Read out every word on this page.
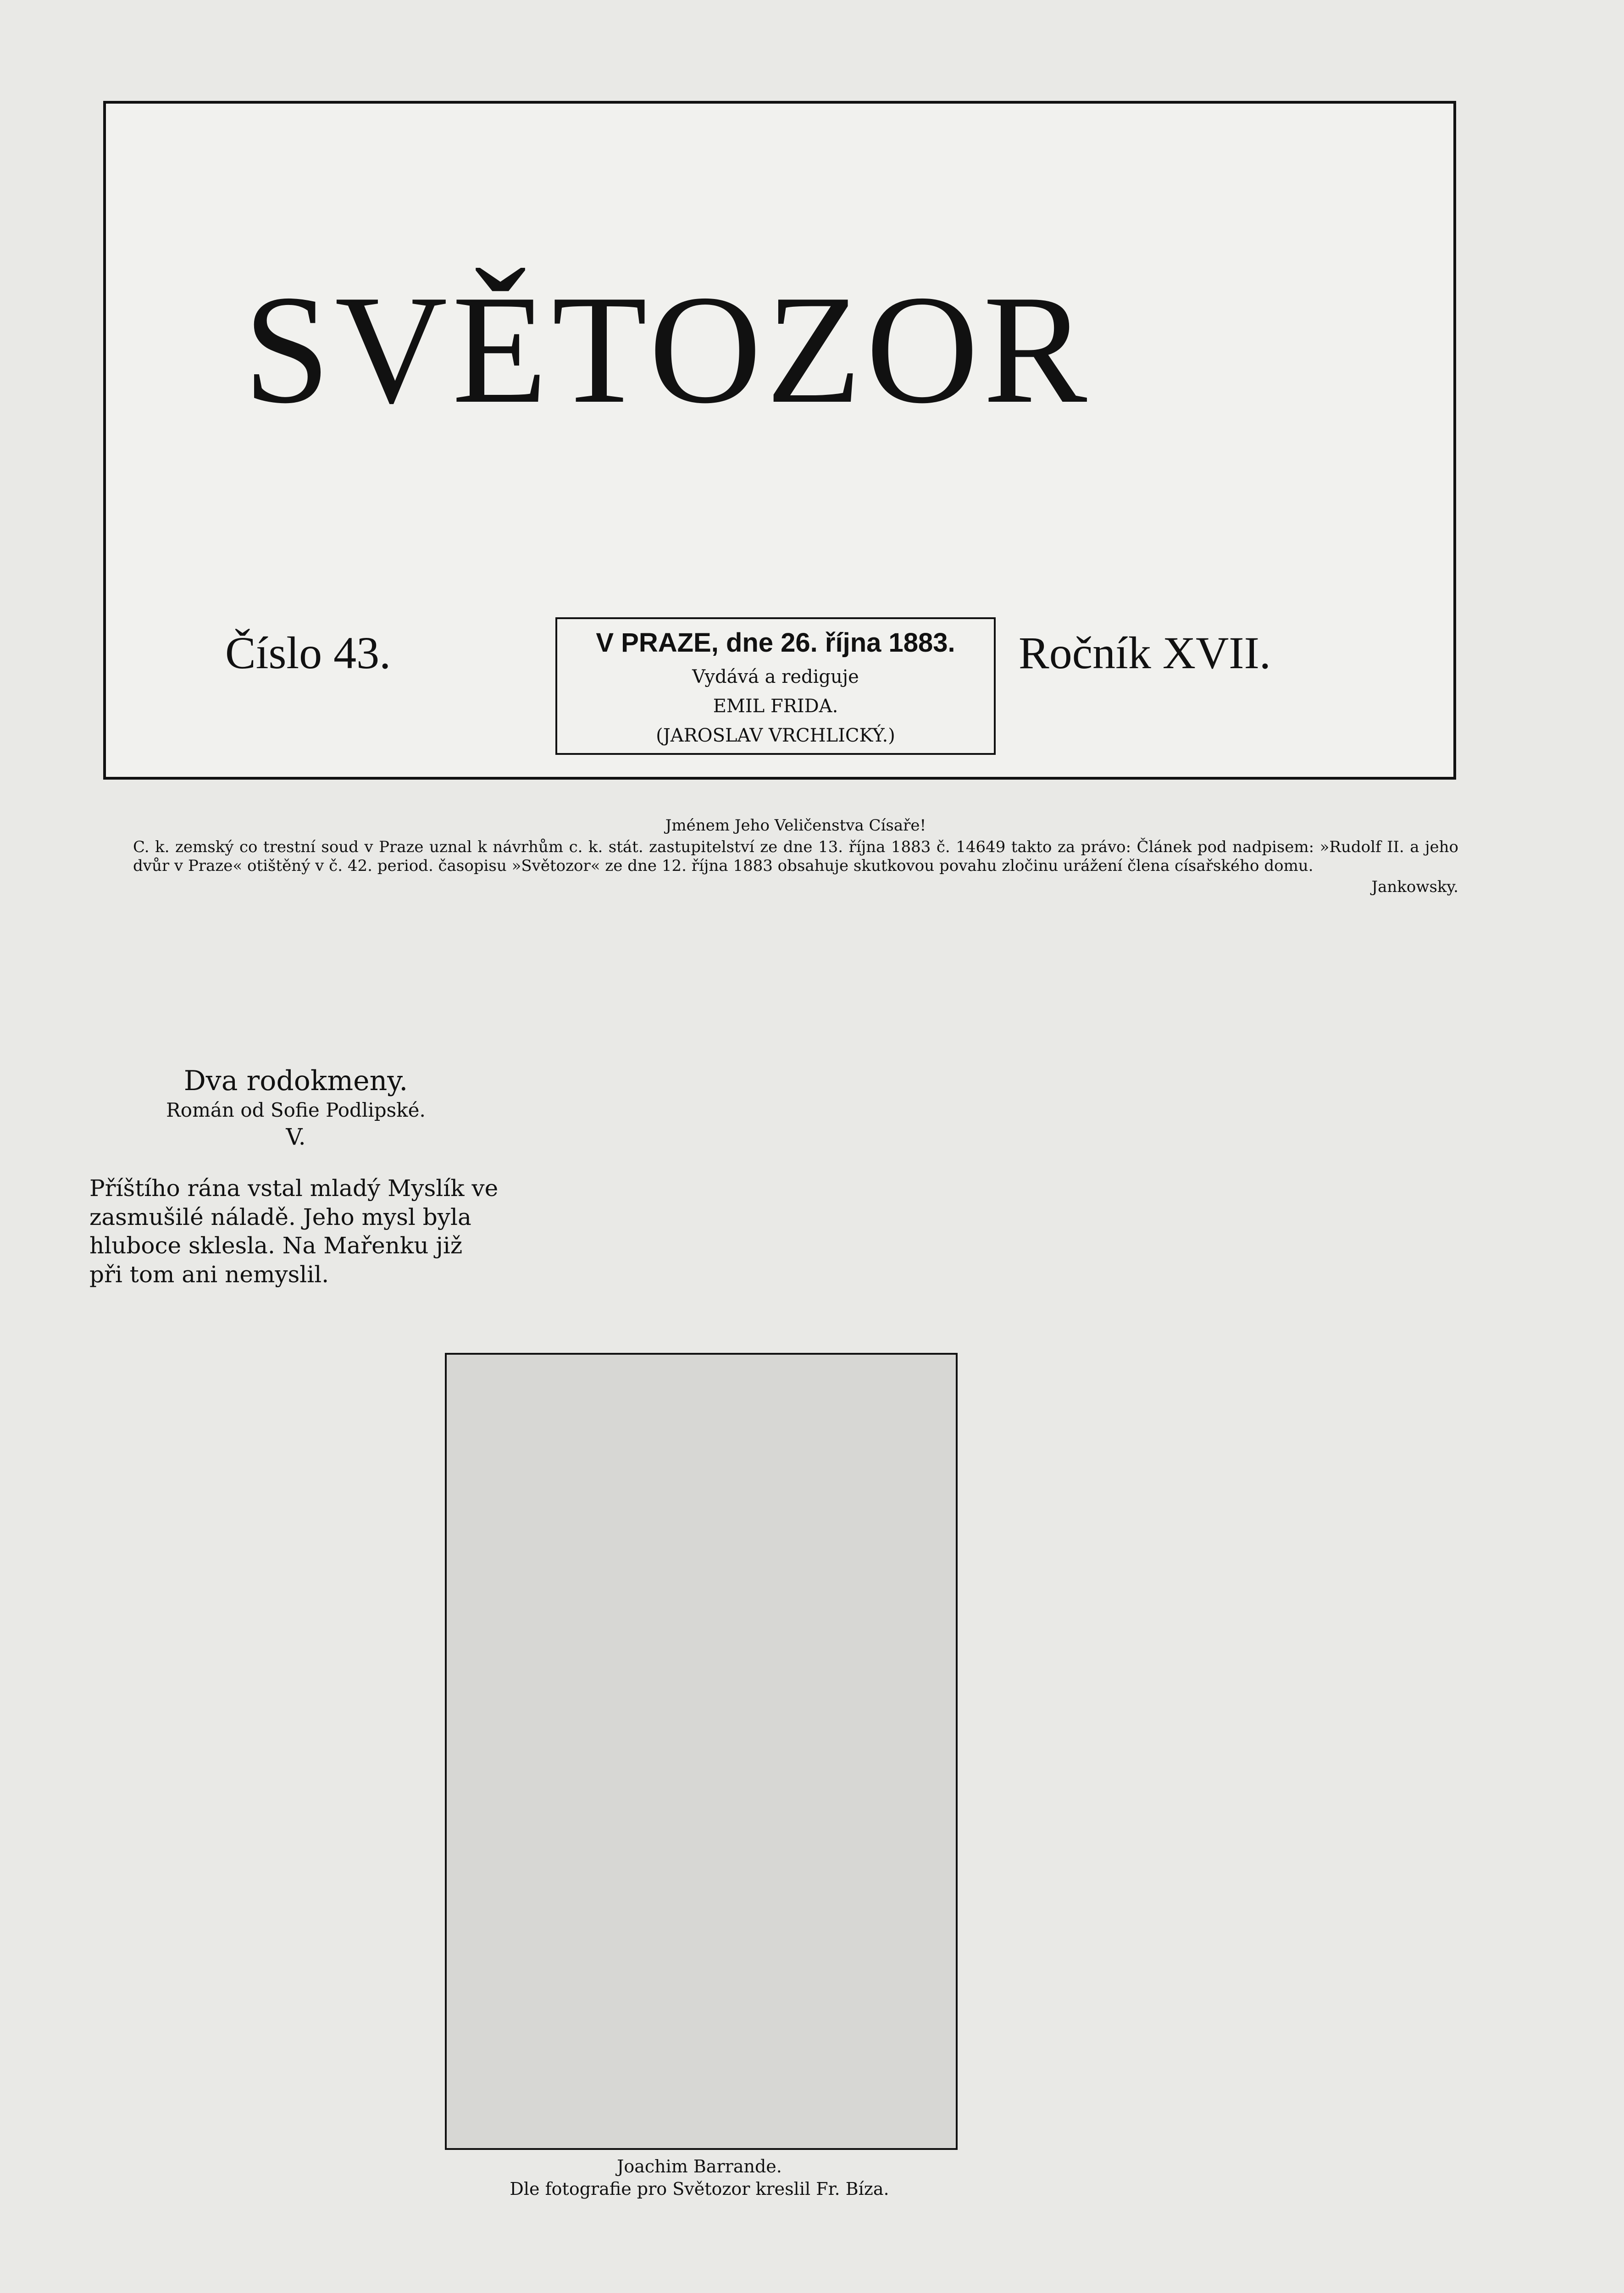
SVĚTOZOR
Číslo 43.	Ročník XVII.
V PRAZE, dne 26. října 1883.
Vydává a rediguje
EMIL FRIDA.
(JAROSLAV VRCHLICKÝ.)

Jménem Jeho Veličenstva Císaře!

C. k. zemský co trestní soud v Praze uznal k návrhům c. k. stát. zastupitelství ze dne 13. října 1883 č. 14649 takto za právo: Článek pod nadpisem: »Rudolf II. a jeho dvůr v Praze« otištěný v č. 42. period. časopisu »Světozor« ze dne 12. října 1883 obsahuje skutkovou povahu zločinu urážení člena císařského domu.

Jankowsky.

Dva rodokmeny.
Román od Sofie Podlipské.
V.

Příštího rána vstal mladý Myslík ve zasmušilé náladě. Jeho mysl byla hluboce sklesla. Na Mařenku již při tom ani nemyslil.

Joachim Barrande.
Dle fotografie pro Světozor kreslil Fr. Bíza.
